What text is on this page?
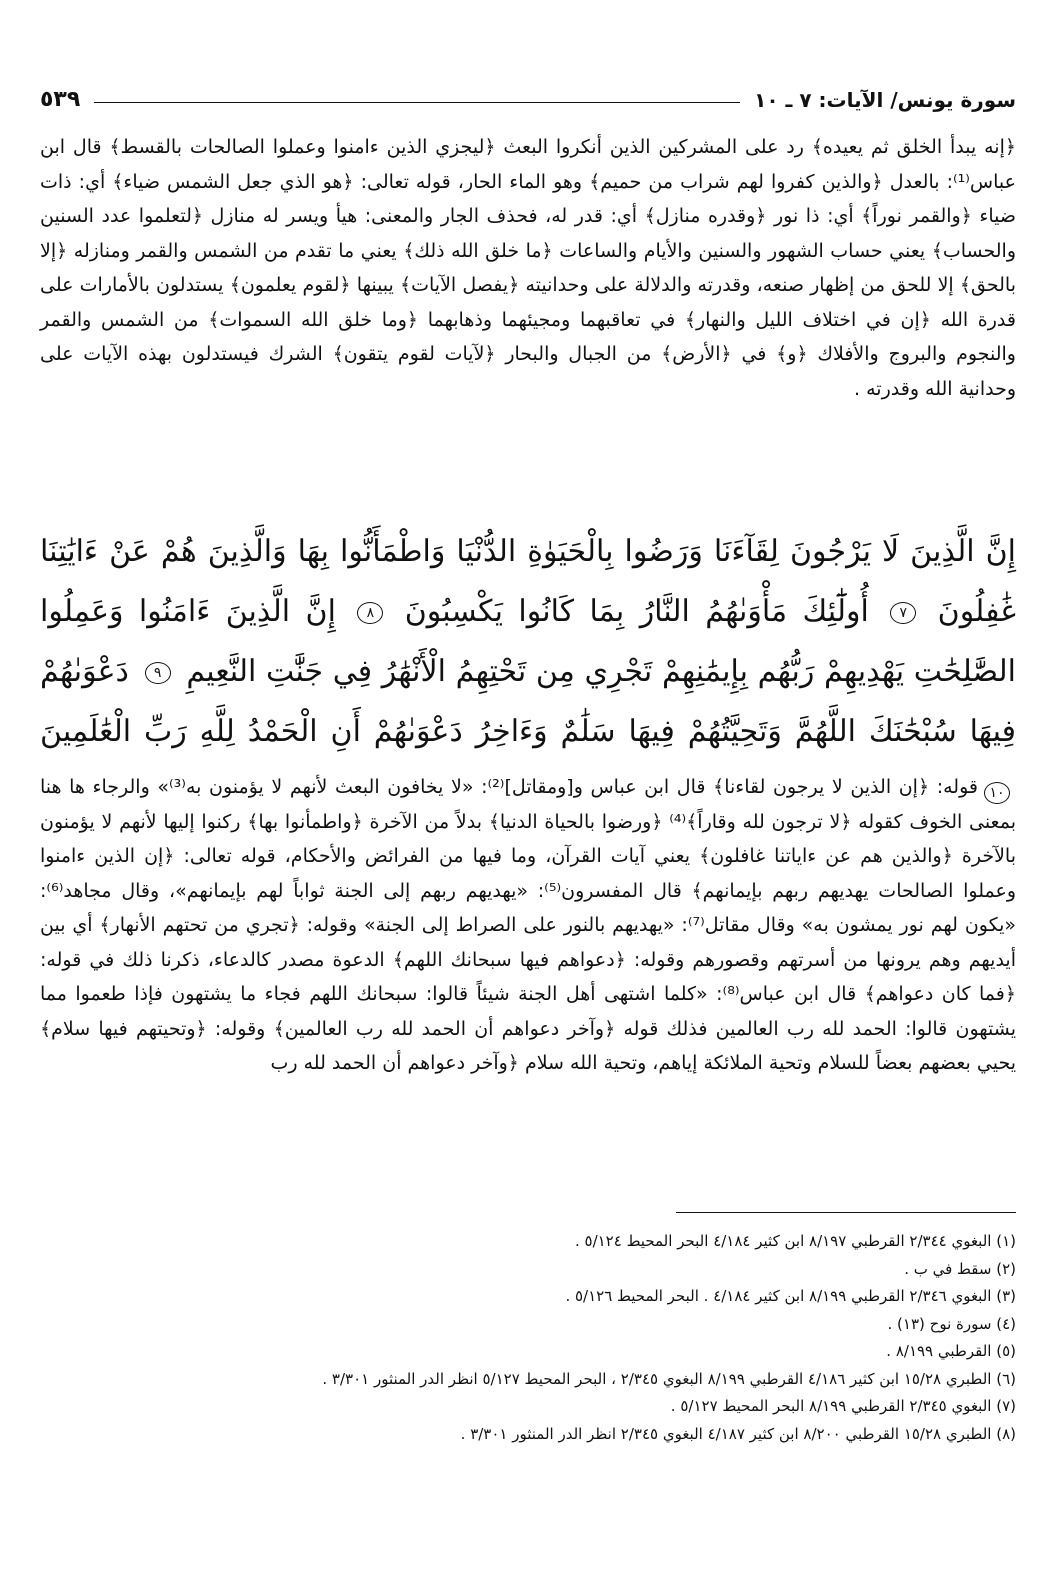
سورة يونس/ الآيات: ٧ ـ ١٠
٥٣٩

﴿إنه يبدأ الخلق ثم يعيده﴾ رد على المشركين الذين أنكروا البعث ﴿ليجزي الذين ءامنوا وعملوا الصالحات بالقسط﴾ قال ابن عباس⁽¹⁾: بالعدل ﴿والذين كفروا لهم شراب من حميم﴾ وهو الماء الحار، قوله تعالى: ﴿هو الذي جعل الشمس ضياء﴾ أي: ذات ضياء ﴿والقمر نوراً﴾ أي: ذا نور ﴿وقدره منازل﴾ أي: قدر له، فحذف الجار والمعنى: هيأ ويسر له منازل ﴿لتعلموا عدد السنين والحساب﴾ يعني حساب الشهور والسنين والأيام والساعات ﴿ما خلق الله ذلك﴾ يعني ما تقدم من الشمس والقمر ومنازله ﴿إلا بالحق﴾ إلا للحق من إظهار صنعه، وقدرته والدلالة على وحدانيته ﴿يفصل الآيات﴾ يبينها ﴿لقوم يعلمون﴾ يستدلون بالأمارات على قدرة الله ﴿إن في اختلاف الليل والنهار﴾ في تعاقبهما ومجيئهما وذهابهما ﴿وما خلق الله السموات﴾ من الشمس والقمر والنجوم والبروج والأفلاك ﴿و﴾ في ﴿الأرض﴾ من الجبال والبحار ﴿لآيات لقوم يتقون﴾ الشرك فيستدلون بهذه الآيات على وحدانية الله وقدرته .

إِنَّ الَّذِينَ لَا يَرْجُونَ لِقَآءَنَا وَرَضُوا بِالْحَيَوٰةِ الدُّنْيَا وَاطْمَأَنُّوا بِهَا وَالَّذِينَ هُمْ عَنْ ءَايَٰتِنَا غَٰفِلُونَ ٧ أُولَٰٓئِكَ مَأْوَىٰهُمُ النَّارُ بِمَا كَانُوا يَكْسِبُونَ ٨ إِنَّ الَّذِينَ ءَامَنُوا وَعَمِلُوا الصَّٰلِحَٰتِ يَهْدِيهِمْ رَبُّهُم بِإِيمَٰنِهِمْ تَجْرِي مِن تَحْتِهِمُ الْأَنْهَٰرُ فِي جَنَّٰتِ النَّعِيمِ ٩ دَعْوَىٰهُمْ فِيهَا سُبْحَٰنَكَ اللَّهُمَّ وَتَحِيَّتُهُمْ فِيهَا سَلَٰمٌ وَءَاخِرُ دَعْوَىٰهُمْ أَنِ الْحَمْدُ لِلَّهِ رَبِّ الْعَٰلَمِينَ ١٠

قوله: ﴿إن الذين لا يرجون لقاءنا﴾ قال ابن عباس و[ومقاتل]⁽²⁾: «لا يخافون البعث لأنهم لا يؤمنون به⁽³⁾» والرجاء ها هنا بمعنى الخوف كقوله ﴿لا ترجون لله وقاراً﴾⁽⁴⁾ ﴿ورضوا بالحياة الدنيا﴾ بدلاً من الآخرة ﴿واطمأنوا بها﴾ ركنوا إليها لأنهم لا يؤمنون بالآخرة ﴿والذين هم عن ءاياتنا غافلون﴾ يعني آيات القرآن، وما فيها من الفرائض والأحكام، قوله تعالى: ﴿إن الذين ءامنوا وعملوا الصالحات يهديهم ربهم بإيمانهم﴾ قال المفسرون⁽⁵⁾: «يهديهم ربهم إلى الجنة ثواباً لهم بإيمانهم»، وقال مجاهد⁽⁶⁾: «يكون لهم نور يمشون به» وقال مقاتل⁽⁷⁾: «يهديهم بالنور على الصراط إلى الجنة» وقوله: ﴿تجري من تحتهم الأنهار﴾ أي بين أيديهم وهم يرونها من أسرتهم وقصورهم وقوله: ﴿دعواهم فيها سبحانك اللهم﴾ الدعوة مصدر كالدعاء، ذكرنا ذلك في قوله: ﴿فما كان دعواهم﴾ قال ابن عباس⁽⁸⁾: «كلما اشتهى أهل الجنة شيئاً قالوا: سبحانك اللهم فجاء ما يشتهون فإذا طعموا مما يشتهون قالوا: الحمد لله رب العالمين فذلك قوله ﴿وآخر دعواهم أن الحمد لله رب العالمين﴾ وقوله: ﴿وتحيتهم فيها سلام﴾ يحيي بعضهم بعضاً للسلام وتحية الملائكة إياهم، وتحية الله سلام ﴿وآخر دعواهم أن الحمد لله رب

(١) البغوي ٢/٣٤٤ القرطبي ٨/١٩٧ ابن كثير ٤/١٨٤ البحر المحيط ٥/١٢٤ .
(٢) سقط في ب .
(٣) البغوي ٢/٣٤٦ القرطبي ٨/١٩٩ ابن كثير ٤/١٨٤ . البحر المحيط ٥/١٢٦ .
(٤) سورة نوح (١٣) .
(٥) القرطبي ٨/١٩٩ .
(٦) الطبري ١٥/٢٨ ابن كثير ٤/١٨٦ القرطبي ٨/١٩٩ البغوي ٢/٣٤٥ ، البحر المحيط ٥/١٢٧ انظر الدر المنثور ٣/٣٠١ .
(٧) البغوي ٢/٣٤٥ القرطبي ٨/١٩٩ البحر المحيط ٥/١٢٧ .
(٨) الطبري ١٥/٢٨ القرطبي ٨/٢٠٠ ابن كثير ٤/١٨٧ البغوي ٢/٣٤٥ انظر الدر المنثور ٣/٣٠١ .
